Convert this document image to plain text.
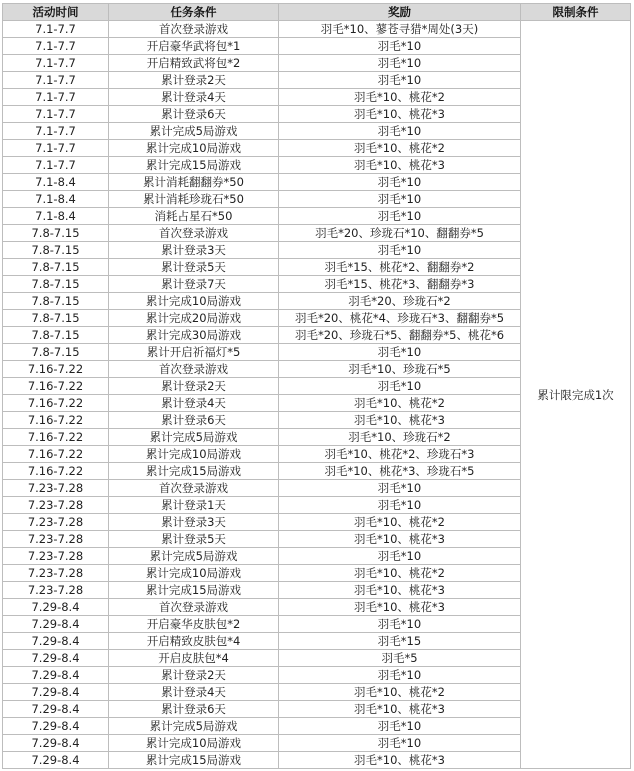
活动时间	任务条件	奖励	限制条件
7.1-7.7	首次登录游戏	羽毛*10、蓼苍寻猎*周处(3天)	累计限完成1次
7.1-7.7	开启豪华武将包*1	羽毛*10	
7.1-7.7	开启精致武将包*2	羽毛*10	
7.1-7.7	累计登录2天	羽毛*10	
7.1-7.7	累计登录4天	羽毛*10、桃花*2	
7.1-7.7	累计登录6天	羽毛*10、桃花*3	
7.1-7.7	累计完成5局游戏	羽毛*10	
7.1-7.7	累计完成10局游戏	羽毛*10、桃花*2	
7.1-7.7	累计完成15局游戏	羽毛*10、桃花*3	
7.1-8.4	累计消耗翻翻券*50	羽毛*10	
7.1-8.4	累计消耗珍珑石*50	羽毛*10	
7.1-8.4	消耗占星石*50	羽毛*10	
7.8-7.15	首次登录游戏	羽毛*20、珍珑石*10、翻翻券*5	
7.8-7.15	累计登录3天	羽毛*10	
7.8-7.15	累计登录5天	羽毛*15、桃花*2、翻翻券*2	
7.8-7.15	累计登录7天	羽毛*15、桃花*3、翻翻券*3	
7.8-7.15	累计完成10局游戏	羽毛*20、珍珑石*2	
7.8-7.15	累计完成20局游戏	羽毛*20、桃花*4、珍珑石*3、翻翻券*5	
7.8-7.15	累计完成30局游戏	羽毛*20、珍珑石*5、翻翻券*5、桃花*6	
7.8-7.15	累计开启祈福灯*5	羽毛*10	
7.16-7.22	首次登录游戏	羽毛*10、珍珑石*5	
7.16-7.22	累计登录2天	羽毛*10	
7.16-7.22	累计登录4天	羽毛*10、桃花*2	
7.16-7.22	累计登录6天	羽毛*10、桃花*3	
7.16-7.22	累计完成5局游戏	羽毛*10、珍珑石*2	
7.16-7.22	累计完成10局游戏	羽毛*10、桃花*2、珍珑石*3	
7.16-7.22	累计完成15局游戏	羽毛*10、桃花*3、珍珑石*5	
7.23-7.28	首次登录游戏	羽毛*10	
7.23-7.28	累计登录1天	羽毛*10	
7.23-7.28	累计登录3天	羽毛*10、桃花*2	
7.23-7.28	累计登录5天	羽毛*10、桃花*3	
7.23-7.28	累计完成5局游戏	羽毛*10	
7.23-7.28	累计完成10局游戏	羽毛*10、桃花*2	
7.23-7.28	累计完成15局游戏	羽毛*10、桃花*3	
7.29-8.4	首次登录游戏	羽毛*10、桃花*3	
7.29-8.4	开启豪华皮肤包*2	羽毛*10	
7.29-8.4	开启精致皮肤包*4	羽毛*15	
7.29-8.4	开启皮肤包*4	羽毛*5	
7.29-8.4	累计登录2天	羽毛*10	
7.29-8.4	累计登录4天	羽毛*10、桃花*2	
7.29-8.4	累计登录6天	羽毛*10、桃花*3	
7.29-8.4	累计完成5局游戏	羽毛*10	
7.29-8.4	累计完成10局游戏	羽毛*10	
7.29-8.4	累计完成15局游戏	羽毛*10、桃花*3	
